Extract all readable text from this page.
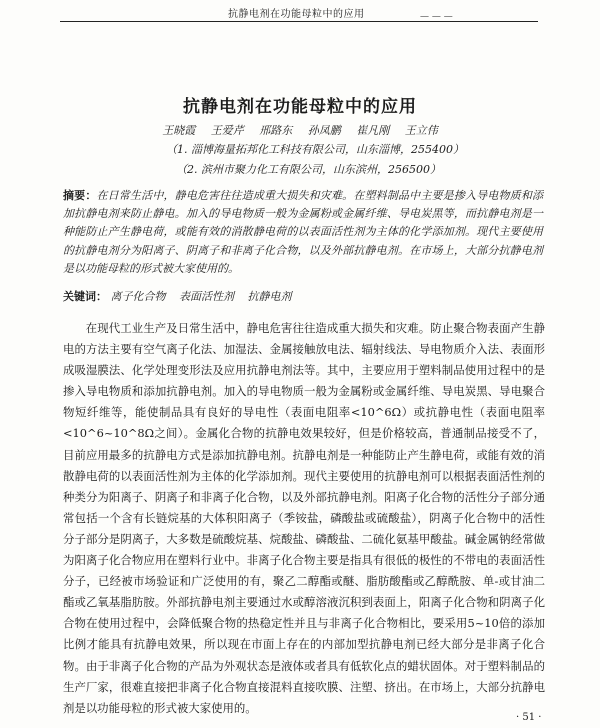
抗静电剂在功能母粒中的应用	— — —
抗静电剂在功能母粒中的应用
王晓霞 王爱芹 邢路东 孙凤鹏 崔凡刚 王立伟
（1. 淄博海量拓邦化工科技有限公司，山东淄博，255400）
（2. 滨州市聚力化工有限公司，山东滨州，256500）
摘要：在日常生活中，静电危害往往造成重大损失和灾难。在塑料制品中主要是掺入导电物质和添加抗静电剂来防止静电。加入的导电物质一般为金属粉或金属纤维、导电炭黑等，而抗静电剂是一种能防止产生静电荷，或能有效的消散静电荷的以表面活性剂为主体的化学添加剂。现代主要使用的抗静电剂分为阳离子、阴离子和非离子化合物，以及外部抗静电剂。在市场上，大部分抗静电剂是以功能母粒的形式被大家使用的。
关键词： 离子化合物 表面活性剂 抗静电剂

在现代工业生产及日常生活中，静电危害往往造成重大损失和灾难。防止聚合物表面产生静电的方法主要有空气离子化法、加湿法、金属接触放电法、辐射线法、导电物质介入法、表面形成吸湿膜法、化学处理变形法及应用抗静电剂法等。其中，主要应用于塑料制品使用过程中的是掺入导电物质和添加抗静电剂。加入的导电物质一般为金属粉或金属纤维、导电炭黑、导电聚合物短纤维等，能使制品具有良好的导电性（表面电阻率<10^6Ω）或抗静电性（表面电阻率<10^6~10^8Ω之间）。金属化合物的抗静电效果较好，但是价格较高，普通制品接受不了，目前应用最多的抗静电方式是添加抗静电剂。抗静电剂是一种能防止产生静电荷，或能有效的消散静电荷的以表面活性剂为主体的化学添加剂。现代主要使用的抗静电剂可以根据表面活性剂的种类分为阳离子、阴离子和非离子化合物，以及外部抗静电剂。阳离子化合物的活性分子部分通常包括一个含有长链烷基的大体积阳离子（季铵盐，磷酸盐或硫酸盐），阴离子化合物中的活性分子部分是阴离子，大多数是硫酸烷基、烷酸盐、磷酸盐、二硫化氨基甲酸盐。碱金属钠经常做为阳离子化合物应用在塑料行业中。非离子化合物主要是指具有很低的极性的不带电的表面活性分子，已经被市场验证和广泛使用的有，聚乙二醇酯或醚、脂肪酸酯或乙醇酰胺、单-或甘油二酯或乙氧基脂肪胺。外部抗静电剂主要通过水或醇溶液沉积到表面上，阳离子化合物和阴离子化合物在使用过程中，会降低聚合物的热稳定性并且与非离子化合物相比，要采用5~10倍的添加比例才能具有抗静电效果，所以现在市面上存在的内部加型抗静电剂已经大部分是非离子化合物。由于非离子化合物的产品为外观状态是液体或者具有低软化点的蜡状固体。对于塑料制品的生产厂家，很难直接把非离子化合物直接混料直接吹膜、注塑、挤出。在市场上，大部分抗静电剂是以功能母粒的形式被大家使用的。

· 51 ·
